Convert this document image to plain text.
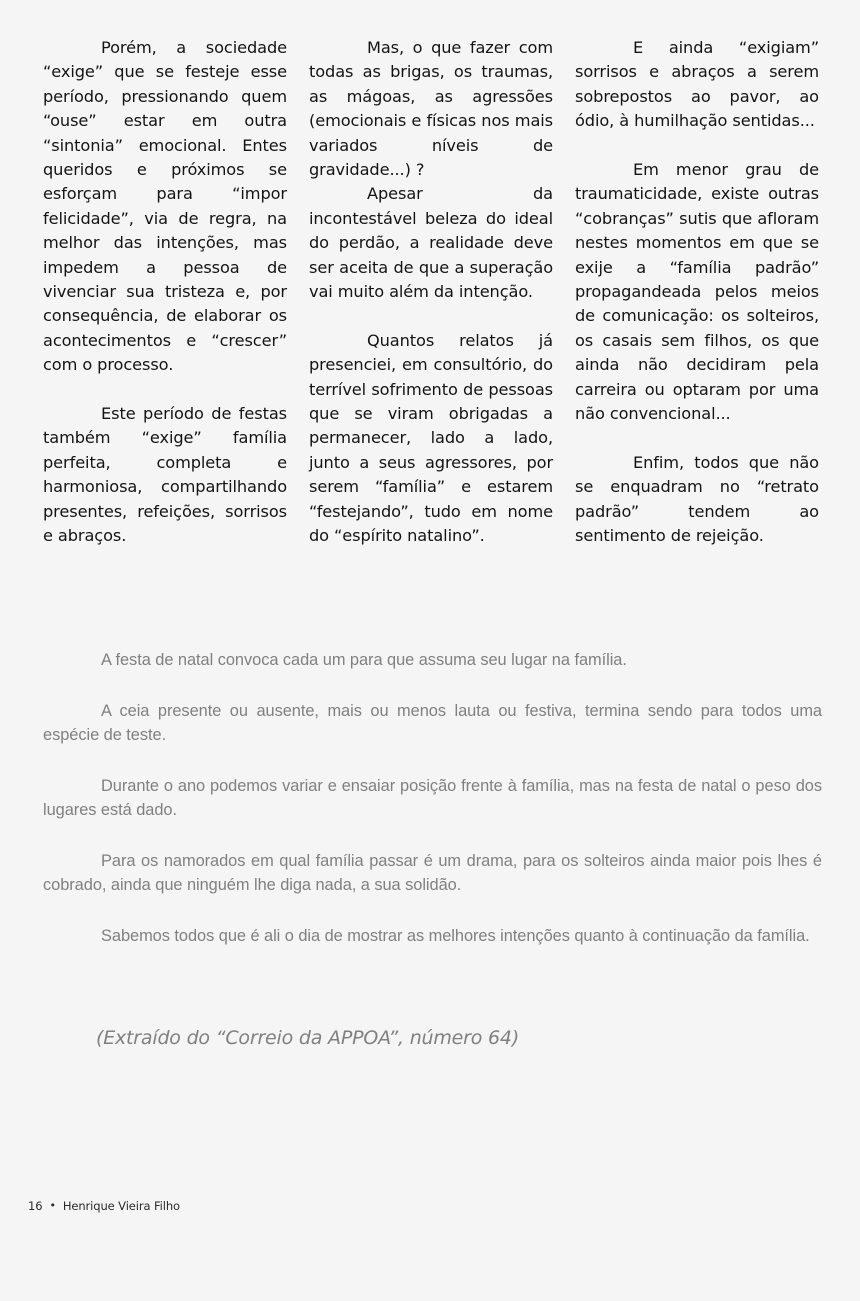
Porém, a sociedade “exige” que se festeje esse período, pressionando quem “ouse” estar em outra “sintonia” emocional. Entes queridos e próximos se esforçam para “impor felicidade”, via de regra, na melhor das intenções, mas impedem a pessoa de vivenciar sua tristeza e, por consequência, de elaborar os acontecimentos e “crescer” com o processo.

Este período de festas também “exige” família perfeita, completa e harmoniosa, compartilhando presentes, refeições, sorrisos e abraços.

Mas, o que fazer com todas as brigas, os traumas, as mágoas, as agressões (emocionais e físicas nos mais variados níveis de gravidade...) ?

Apesar da incontestável beleza do ideal do perdão, a realidade deve ser aceita de que a superação vai muito além da intenção.

Quantos relatos já presenciei, em consultório, do terrível sofrimento de pessoas que se viram obrigadas a permanecer, lado a lado, junto a seus agressores, por serem “família” e estarem “festejando”, tudo em nome do “espírito natalino”.

E ainda “exigiam” sorrisos e abraços a serem sobrepostos ao pavor, ao ódio, à humilhação sentidas...

Em menor grau de traumaticidade, existe outras “cobranças” sutis que afloram nestes momentos em que se exije a “família padrão” propagandeada pelos meios de comunicação: os solteiros, os casais sem filhos, os que ainda não decidiram pela carreira ou optaram por uma não convencional...

Enfim, todos que não se enquadram no “retrato padrão” tendem ao sentimento de rejeição.

A festa de natal convoca cada um para que assuma seu lugar na família.

A ceia presente ou ausente, mais ou menos lauta ou festiva, termina sendo para todos uma espécie de teste.

Durante o ano podemos variar e ensaiar posição frente à família, mas na festa de natal o peso dos lugares está dado.

Para os namorados em qual família passar é um drama, para os solteiros ainda maior pois lhes é cobrado, ainda que ninguém lhe diga nada, a sua solidão.

Sabemos todos que é ali o dia de mostrar as melhores intenções quanto à continuação da família.

(Extraído do “Correio da APPOA”, número 64)
16 • Henrique Vieira Filho
